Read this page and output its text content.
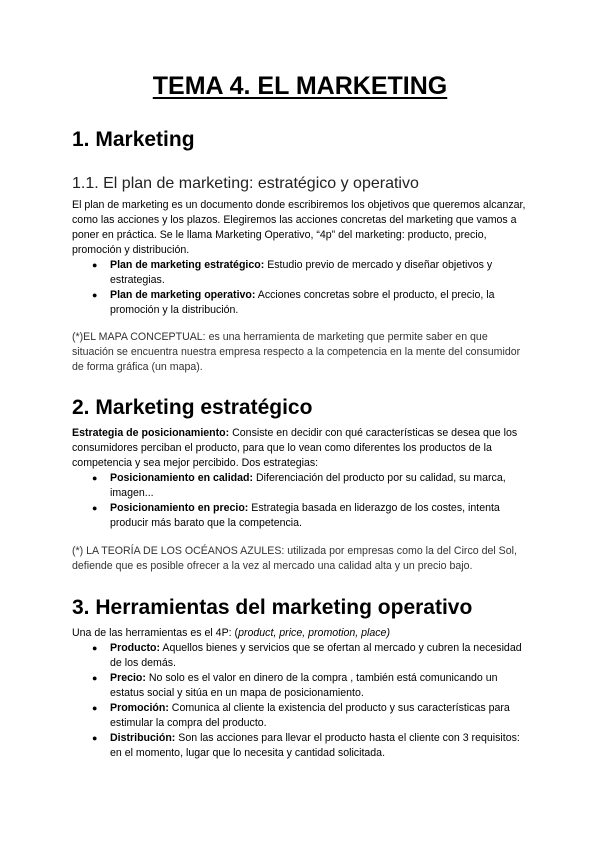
TEMA 4. EL MARKETING
1. Marketing
1.1. El plan de marketing: estratégico y operativo
El plan de marketing es un documento donde escribiremos los objetivos que queremos alcanzar, como las acciones y los plazos. Elegiremos las acciones concretas del marketing que vamos a poner en práctica. Se le llama Marketing Operativo, “4p” del marketing: producto, precio, promoción y distribución.
● Plan de marketing estratégico: Estudio previo de mercado y diseñar objetivos y estrategias.
● Plan de marketing operativo: Acciones concretas sobre el producto, el precio, la promoción y la distribución.
(*)EL MAPA CONCEPTUAL: es una herramienta de marketing que permite saber en que situación se encuentra nuestra empresa respecto a la competencia en la mente del consumidor de forma gráfica (un mapa).
2. Marketing estratégico
Estrategia de posicionamiento: Consiste en decidir con qué características se desea que los consumidores perciban el producto, para que lo vean como diferentes los productos de la competencia y sea mejor percibido. Dos estrategias:
● Posicionamiento en calidad: Diferenciación del producto por su calidad, su marca, imagen...
● Posicionamiento en precio: Estrategia basada en liderazgo de los costes, intenta producir más barato que la competencia.
(*) LA TEORÍA DE LOS OCÉANOS AZULES: utilizada por empresas como la del Circo del Sol, defiende que es posible ofrecer a la vez al mercado una calidad alta y un precio bajo.
3. Herramientas del marketing operativo
Una de las herramientas es el 4P: (product, price, promotion, place)
● Producto: Aquellos bienes y servicios que se ofertan al mercado y cubren la necesidad de los demás.
● Precio: No solo es el valor en dinero de la compra , también está comunicando un estatus social y sitúa en un mapa de posicionamiento.
● Promoción: Comunica al cliente la existencia del producto y sus características para estimular la compra del producto.
● Distribución: Son las acciones para llevar el producto hasta el cliente con 3 requisitos: en el momento, lugar que lo necesita y cantidad solicitada.
